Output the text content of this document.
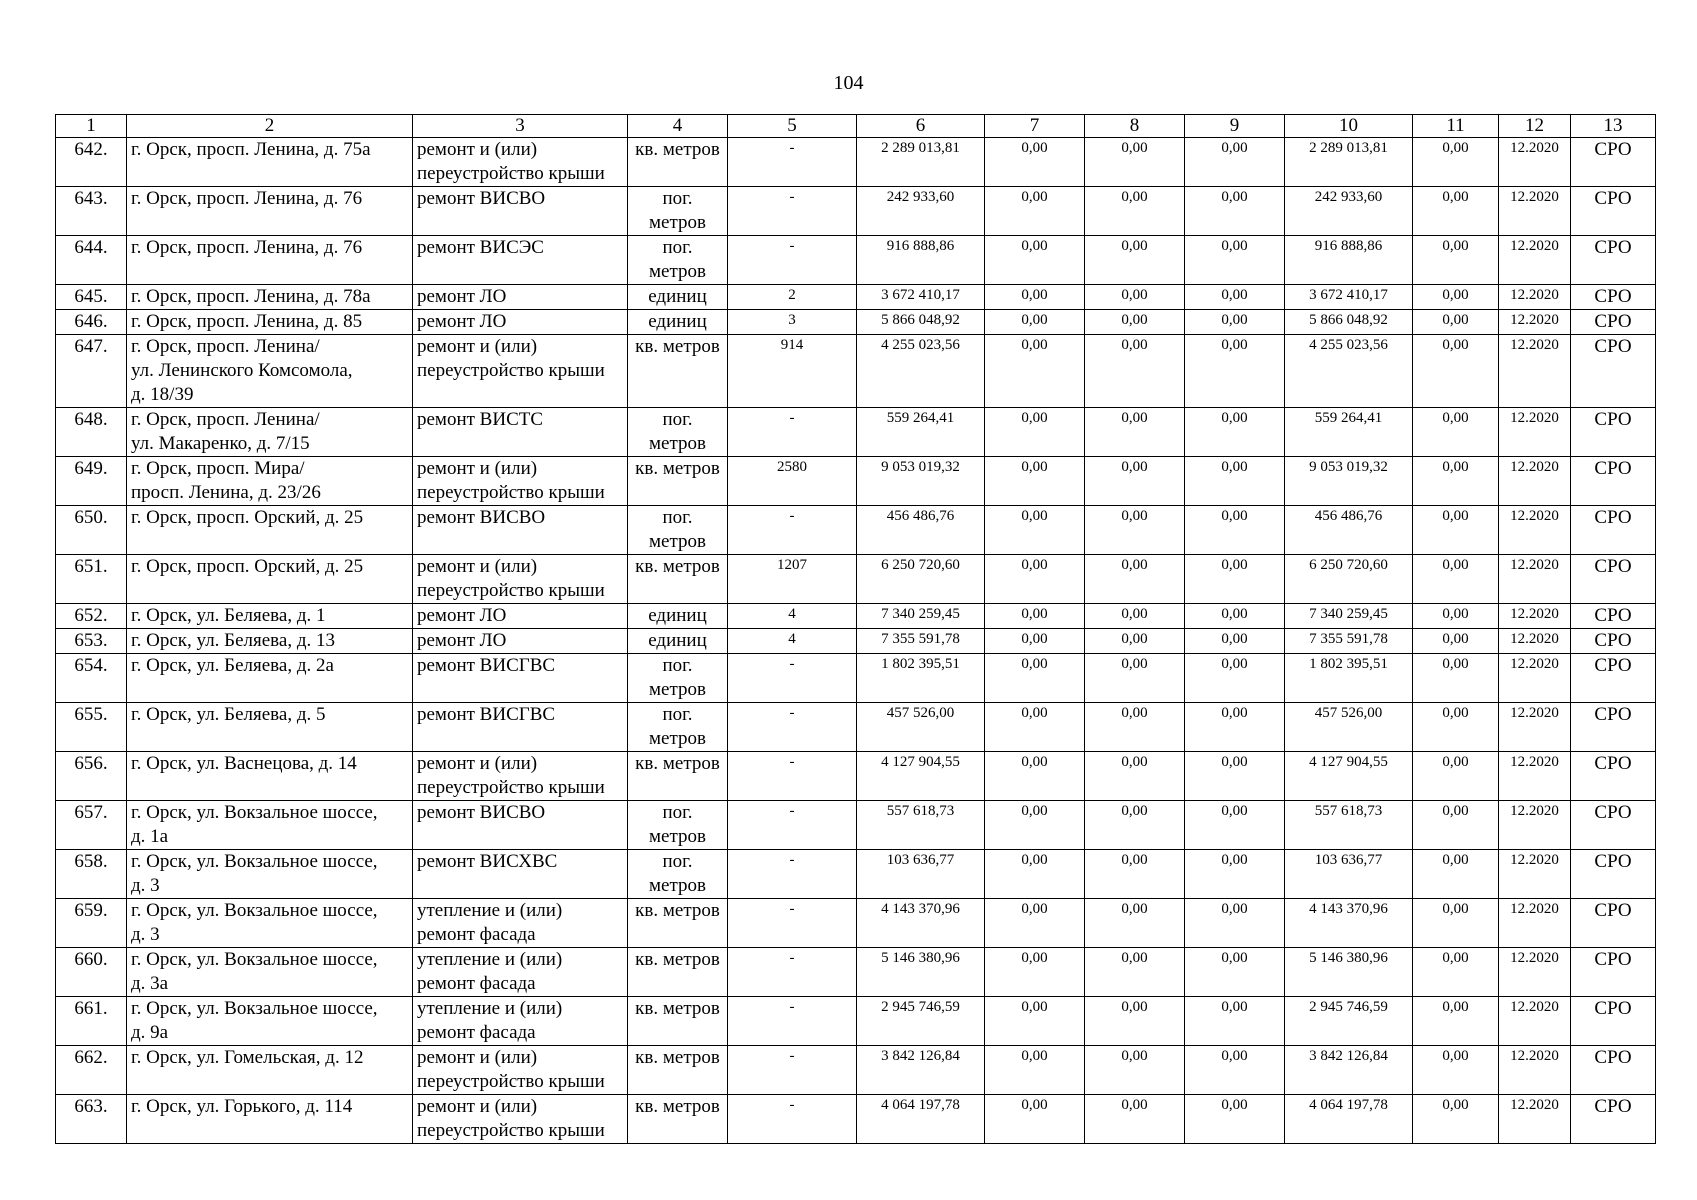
104
1	2	3	4	5	6	7	8	9	10	11	12	13
642.	г. Орск, просп. Ленина, д. 75а	ремонт и (или)
переустройство крыши	кв. метров	-	2 289 013,81	0,00	0,00	0,00	2 289 013,81	0,00	12.2020	СРО
643.	г. Орск, просп. Ленина, д. 76	ремонт ВИСВО	пог.
метров	-	242 933,60	0,00	0,00	0,00	242 933,60	0,00	12.2020	СРО
644.	г. Орск, просп. Ленина, д. 76	ремонт ВИСЭС	пог.
метров	-	916 888,86	0,00	0,00	0,00	916 888,86	0,00	12.2020	СРО
645.	г. Орск, просп. Ленина, д. 78а	ремонт ЛО	единиц	2	3 672 410,17	0,00	0,00	0,00	3 672 410,17	0,00	12.2020	СРО
646.	г. Орск, просп. Ленина, д. 85	ремонт ЛО	единиц	3	5 866 048,92	0,00	0,00	0,00	5 866 048,92	0,00	12.2020	СРО
647.	г. Орск, просп. Ленина/
ул. Ленинского Комсомола,
д. 18/39	ремонт и (или)
переустройство крыши	кв. метров	914	4 255 023,56	0,00	0,00	0,00	4 255 023,56	0,00	12.2020	СРО
648.	г. Орск, просп. Ленина/
ул. Макаренко, д. 7/15	ремонт ВИСТС	пог.
метров	-	559 264,41	0,00	0,00	0,00	559 264,41	0,00	12.2020	СРО
649.	г. Орск, просп. Мира/
просп. Ленина, д. 23/26	ремонт и (или)
переустройство крыши	кв. метров	2580	9 053 019,32	0,00	0,00	0,00	9 053 019,32	0,00	12.2020	СРО
650.	г. Орск, просп. Орский, д. 25	ремонт ВИСВО	пог.
метров	-	456 486,76	0,00	0,00	0,00	456 486,76	0,00	12.2020	СРО
651.	г. Орск, просп. Орский, д. 25	ремонт и (или)
переустройство крыши	кв. метров	1207	6 250 720,60	0,00	0,00	0,00	6 250 720,60	0,00	12.2020	СРО
652.	г. Орск, ул. Беляева, д. 1	ремонт ЛО	единиц	4	7 340 259,45	0,00	0,00	0,00	7 340 259,45	0,00	12.2020	СРО
653.	г. Орск, ул. Беляева, д. 13	ремонт ЛО	единиц	4	7 355 591,78	0,00	0,00	0,00	7 355 591,78	0,00	12.2020	СРО
654.	г. Орск, ул. Беляева, д. 2а	ремонт ВИСГВС	пог.
метров	-	1 802 395,51	0,00	0,00	0,00	1 802 395,51	0,00	12.2020	СРО
655.	г. Орск, ул. Беляева, д. 5	ремонт ВИСГВС	пог.
метров	-	457 526,00	0,00	0,00	0,00	457 526,00	0,00	12.2020	СРО
656.	г. Орск, ул. Васнецова, д. 14	ремонт и (или)
переустройство крыши	кв. метров	-	4 127 904,55	0,00	0,00	0,00	4 127 904,55	0,00	12.2020	СРО
657.	г. Орск, ул. Вокзальное шоссе,
д. 1а	ремонт ВИСВО	пог.
метров	-	557 618,73	0,00	0,00	0,00	557 618,73	0,00	12.2020	СРО
658.	г. Орск, ул. Вокзальное шоссе,
д. 3	ремонт ВИСХВС	пог.
метров	-	103 636,77	0,00	0,00	0,00	103 636,77	0,00	12.2020	СРО
659.	г. Орск, ул. Вокзальное шоссе,
д. 3	утепление и (или)
ремонт фасада	кв. метров	-	4 143 370,96	0,00	0,00	0,00	4 143 370,96	0,00	12.2020	СРО
660.	г. Орск, ул. Вокзальное шоссе,
д. 3а	утепление и (или)
ремонт фасада	кв. метров	-	5 146 380,96	0,00	0,00	0,00	5 146 380,96	0,00	12.2020	СРО
661.	г. Орск, ул. Вокзальное шоссе,
д. 9а	утепление и (или)
ремонт фасада	кв. метров	-	2 945 746,59	0,00	0,00	0,00	2 945 746,59	0,00	12.2020	СРО
662.	г. Орск, ул. Гомельская, д. 12	ремонт и (или)
переустройство крыши	кв. метров	-	3 842 126,84	0,00	0,00	0,00	3 842 126,84	0,00	12.2020	СРО
663.	г. Орск, ул. Горького, д. 114	ремонт и (или)
переустройство крыши	кв. метров	-	4 064 197,78	0,00	0,00	0,00	4 064 197,78	0,00	12.2020	СРО
